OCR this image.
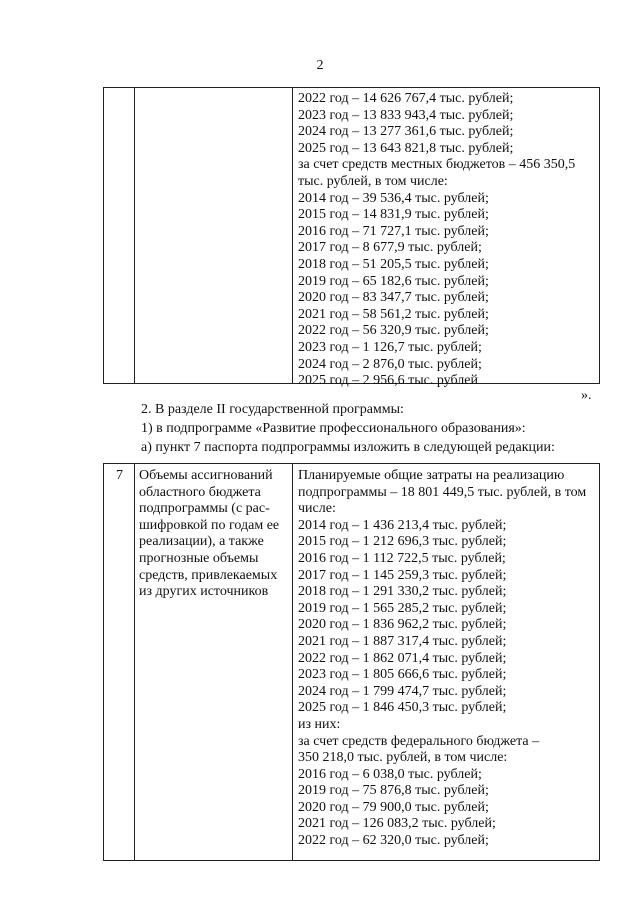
2
2022 год – 14 626 767,4 тыс. рублей;
2023 год – 13 833 943,4 тыс. рублей;
2024 год – 13 277 361,6 тыс. рублей;
2025 год – 13 643 821,8 тыс. рублей;
за счет средств местных бюджетов – 456 350,5
тыс. рублей, в том числе:
2014 год – 39 536,4 тыс. рублей;
2015 год – 14 831,9 тыс. рублей;
2016 год – 71 727,1 тыс. рублей;
2017 год – 8 677,9 тыс. рублей;
2018 год – 51 205,5 тыс. рублей;
2019 год – 65 182,6 тыс. рублей;
2020 год – 83 347,7 тыс. рублей;
2021 год – 58 561,2 тыс. рублей;
2022 год – 56 320,9 тыс. рублей;
2023 год – 1 126,7 тыс. рублей;
2024 год – 2 876,0 тыс. рублей;
2025 год – 2 956,6 тыс. рублей
».
2. В разделе II государственной программы:
1) в подпрограмме «Развитие профессионального образования»:
а) пункт 7 паспорта подпрограммы изложить в следующей редакции:
7 Объемы ассигнований
областного бюджета
подпрограммы (с рас-
шифровкой по годам ее
реализации), а также
прогнозные объемы
средств, привлекаемых
из других источников
Планируемые общие затраты на реализацию
подпрограммы – 18 801 449,5 тыс. рублей, в том
числе:
2014 год – 1 436 213,4 тыс. рублей;
2015 год – 1 212 696,3 тыс. рублей;
2016 год – 1 112 722,5 тыс. рублей;
2017 год – 1 145 259,3 тыс. рублей;
2018 год – 1 291 330,2 тыс. рублей;
2019 год – 1 565 285,2 тыс. рублей;
2020 год – 1 836 962,2 тыс. рублей;
2021 год – 1 887 317,4 тыс. рублей;
2022 год – 1 862 071,4 тыс. рублей;
2023 год – 1 805 666,6 тыс. рублей;
2024 год – 1 799 474,7 тыс. рублей;
2025 год – 1 846 450,3 тыс. рублей;
из них:
за счет средств федерального бюджета –
350 218,0 тыс. рублей, в том числе:
2016 год – 6 038,0 тыс. рублей;
2019 год – 75 876,8 тыс. рублей;
2020 год – 79 900,0 тыс. рублей;
2021 год – 126 083,2 тыс. рублей;
2022 год – 62 320,0 тыс. рублей;
